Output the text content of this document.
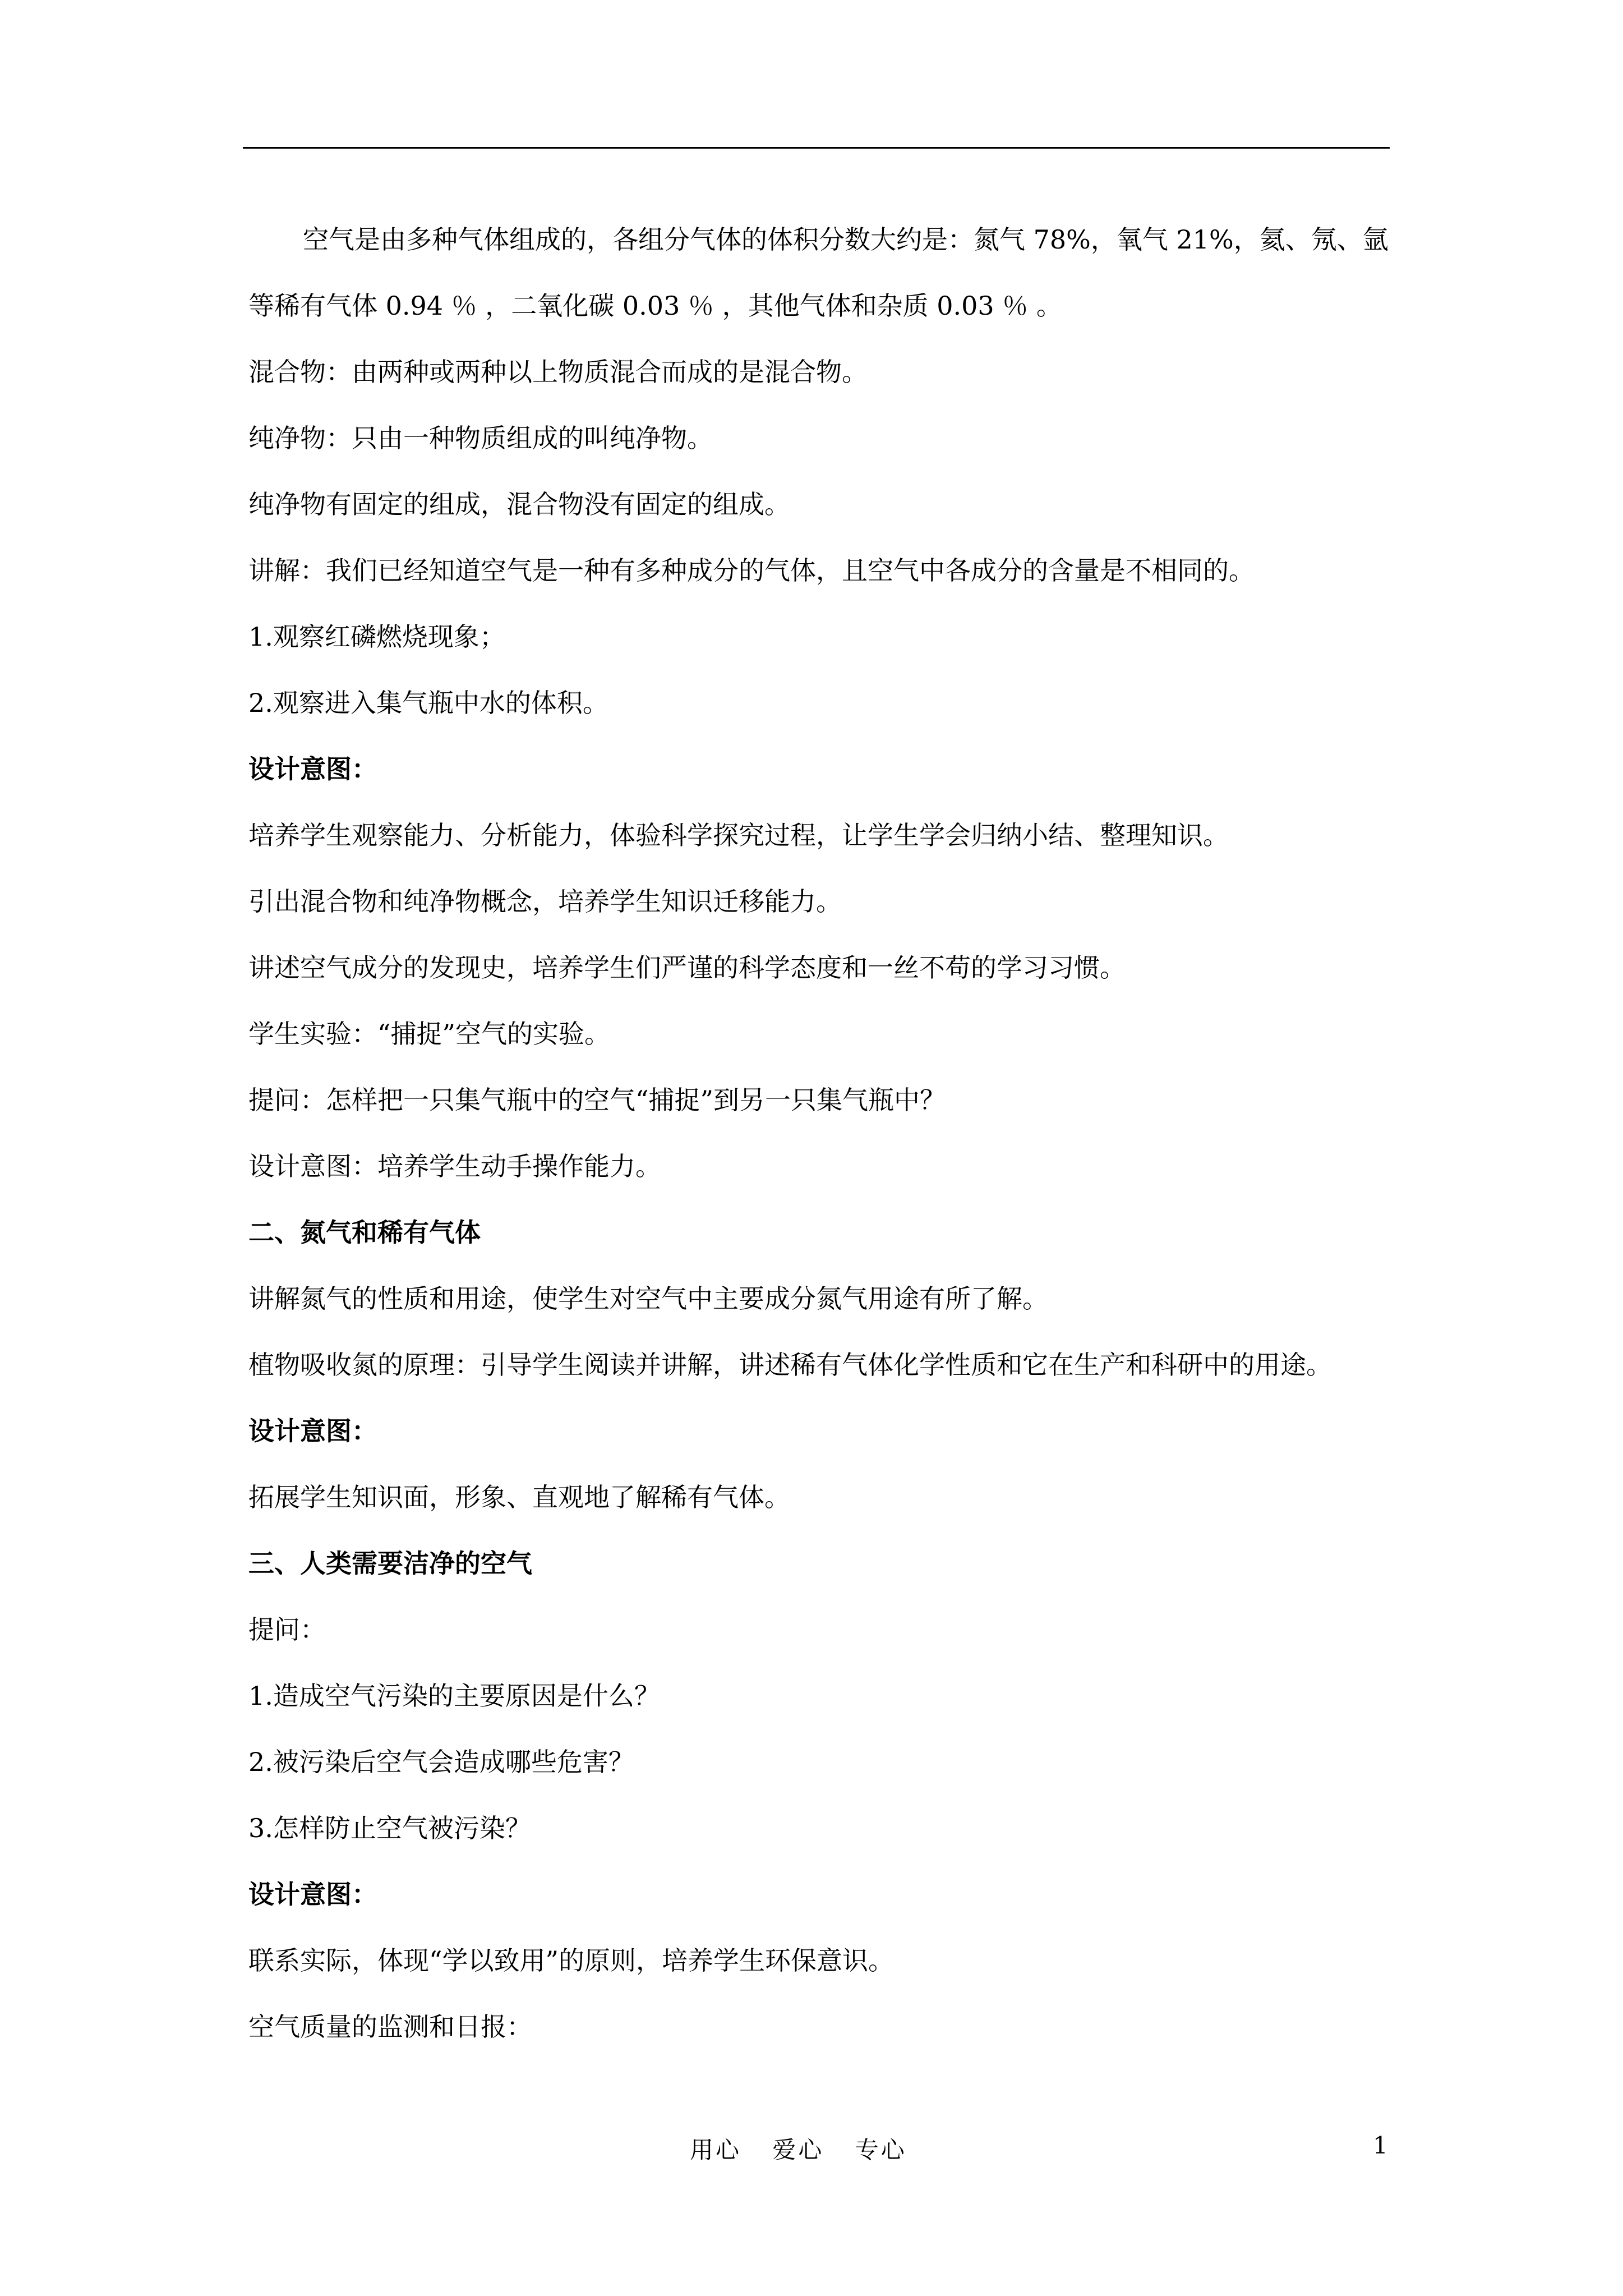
空气是由多种气体组成的，各组分气体的体积分数大约是：氮气 78%，氧气 21%，氦、氖、氩等稀有气体 0.94 ％ ，二氧化碳 0.03 ％ ，其他气体和杂质 0.03 ％ 。

混合物：由两种或两种以上物质混合而成的是混合物。

纯净物：只由一种物质组成的叫纯净物。

纯净物有固定的组成，混合物没有固定的组成。

讲解：我们已经知道空气是一种有多种成分的气体，且空气中各成分的含量是不相同的。

1.观察红磷燃烧现象；

2.观察进入集气瓶中水的体积。

设计意图：

培养学生观察能力、分析能力，体验科学探究过程，让学生学会归纳小结、整理知识。

引出混合物和纯净物概念，培养学生知识迁移能力。

讲述空气成分的发现史，培养学生们严谨的科学态度和一丝不苟的学习习惯。

学生实验：“捕捉”空气的实验。

提问：怎样把一只集气瓶中的空气“捕捉”到另一只集气瓶中？

设计意图：培养学生动手操作能力。

二、氮气和稀有气体

讲解氮气的性质和用途，使学生对空气中主要成分氮气用途有所了解。

植物吸收氮的原理：引导学生阅读并讲解，讲述稀有气体化学性质和它在生产和科研中的用途。

设计意图：

拓展学生知识面，形象、直观地了解稀有气体。

三、人类需要洁净的空气

提问：

1.造成空气污染的主要原因是什么？

2.被污染后空气会造成哪些危害？

3.怎样防止空气被污染？

设计意图：

联系实际，体现“学以致用”的原则，培养学生环保意识。

空气质量的监测和日报：

用心 爱心 专心	1
